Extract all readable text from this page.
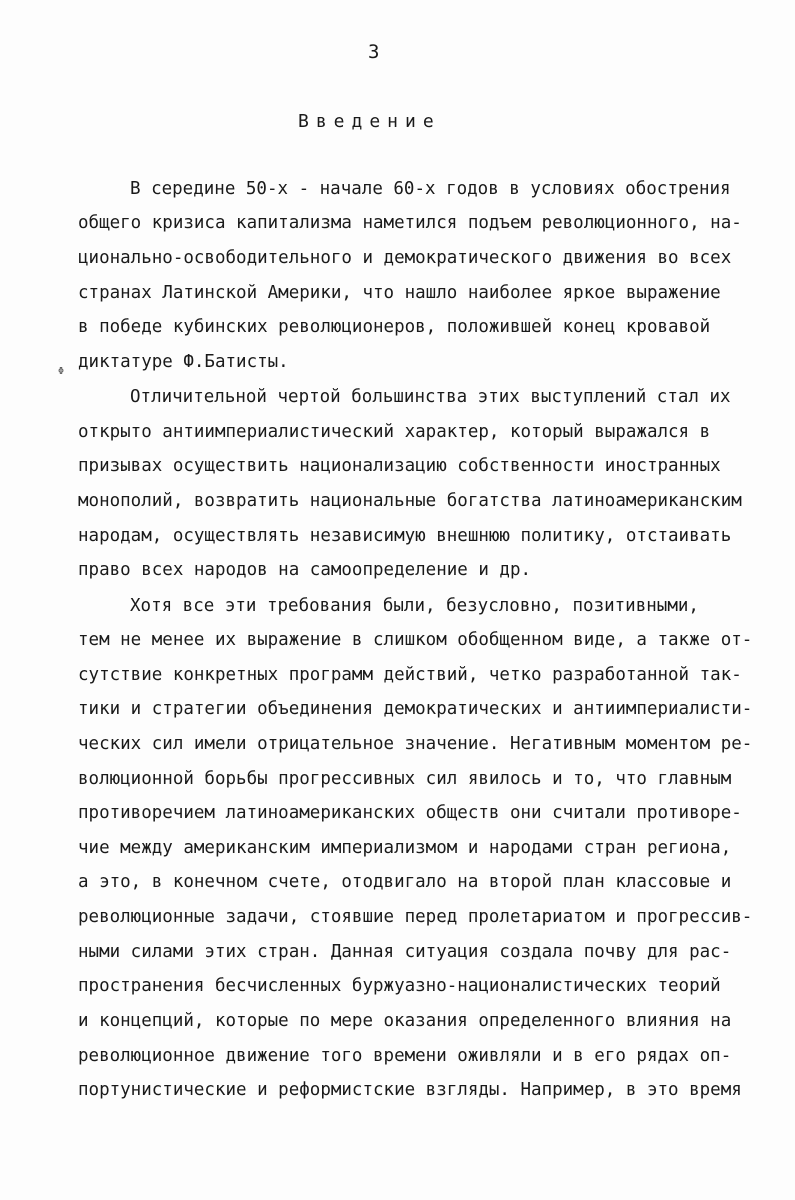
3
Введение
Φ
В середине 50-х - начале 60-х годов в условиях обострения
общего кризиса капитализма наметился подъем революционного, на-
ционально-освободительного и демократического движения во всех
странах Латинской Америки, что нашло наиболее яркое выражение
в победе кубинских революционеров, положившей конец кровавой
диктатуре Ф.Батисты.
Отличительной чертой большинства этих выступлений стал их
открыто антиимпериалистический характер, который выражался в
призывах осуществить национализацию собственности иностранных
монополий, возвратить национальные богатства латиноамериканским
народам, осуществлять независимую внешнюю политику, отстаивать
право всех народов на самоопределение и др.
Хотя все эти требования были, безусловно, позитивными,
тем не менее их выражение в слишком обобщенном виде, а также от-
сутствие конкретных программ действий, четко разработанной так-
тики и стратегии объединения демократических и антиимпериалисти-
ческих сил имели отрицательное значение. Негативным моментом ре-
волюционной борьбы прогрессивных сил явилось и то, что главным
противоречием латиноамериканских обществ они считали противоре-
чие между американским империализмом и народами стран региона,
а это, в конечном счете, отодвигало на второй план классовые и
революционные задачи, стоявшие перед пролетариатом и прогрессив-
ными силами этих стран. Данная ситуация создала почву для рас-
пространения бесчисленных буржуазно-националистических теорий
и концепций, которые по мере оказания определенного влияния на
революционное движение того времени оживляли и в его рядах оп-
портунистические и реформистские взгляды. Например, в это время
